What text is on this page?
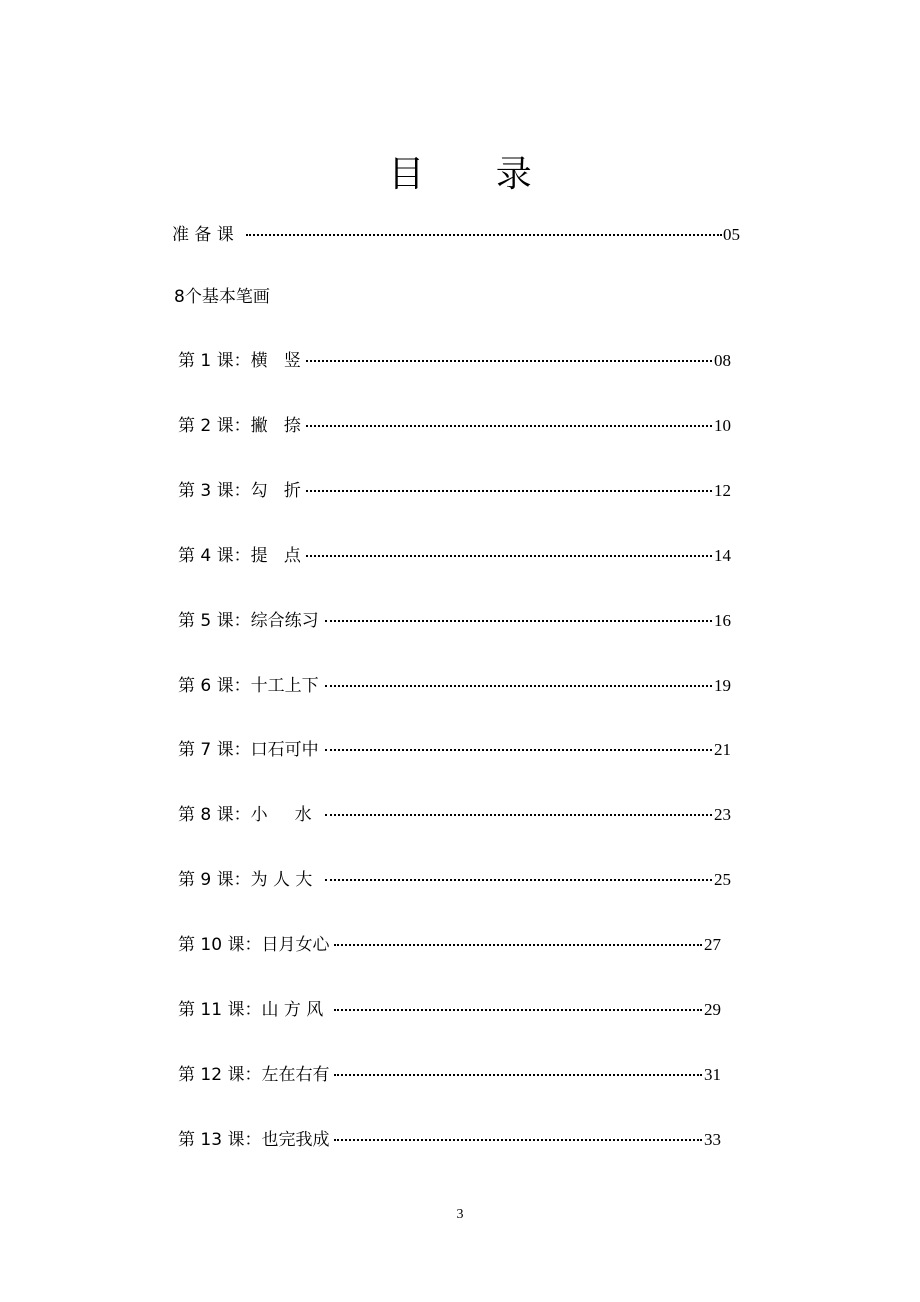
目 录
准 备 课	05
8个基本笔画
第 1 课：横   竖	08
第 2 课：撇   捺	10
第 3 课：勾   折	12
第 4 课：提   点	14
第 5 课：综合练习	16
第 6 课：十工上下	19
第 7 课：口石可中	21
第 8 课：小     水	23
第 9 课：为 人 大	25
第 10 课：日月女心	27
第 11 课：山 方 风	29
第 12 课：左在右有	31
第 13 课：也完我成	33
3
